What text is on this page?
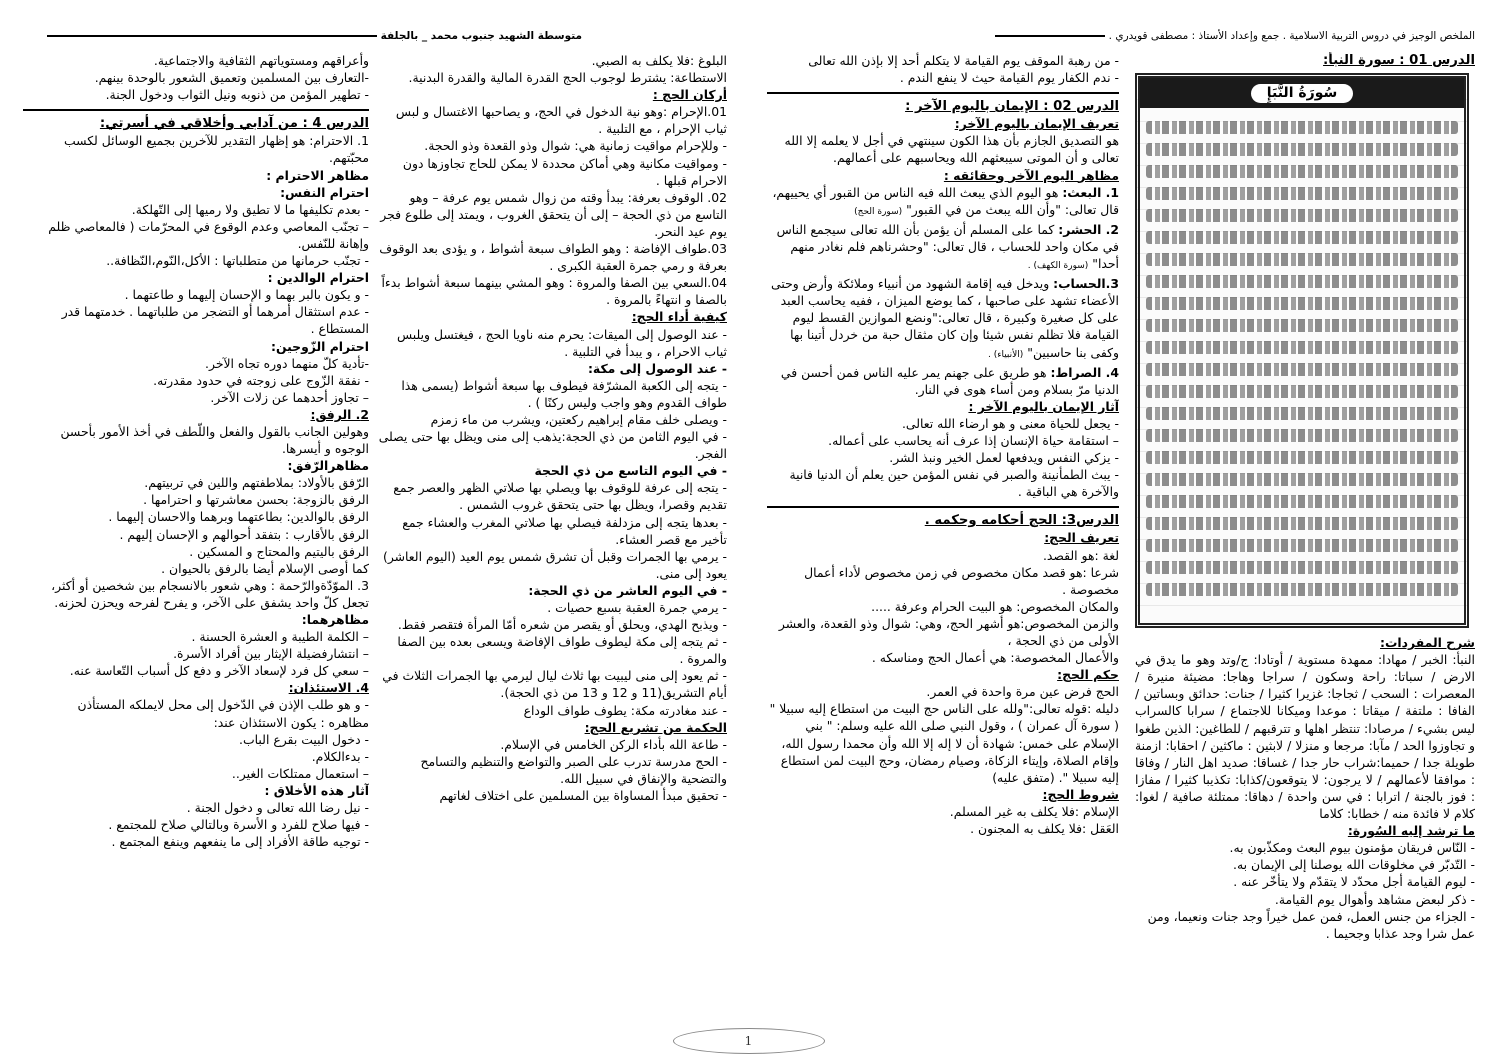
الملخص الوجيز في دروس التربية الاسلامية . جمع وإعداد الأستاذ : مصطفى قويدري .
متوسطة الشهيد جنبوب محمد _ بالجلفة

الدرس 01 : سورة النبأ:

سُورَةُ النَّبَإِ

شرح المفردات:

النبأ: الخبر / مهادا: ممهدة مستوية / أوتادا: ج/وتد وهو ما يدق في الارض / سباتا: راحة وسكون / سراجا وهاجا: مضيئة منيرة / المعصرات : السحب / ثجاجا: غزيرا كثيرا / جنات: حدائق وبساتين / الفافا : ملتفة / ميقاتا : موعدا وميكانا للاجتماع / سرابا كالسراب ليس بشيء / مرصادا: تنتظر اهلها و تترقبهم / للطاغين: الذين طغوا و تجاوزوا الحد / مآبا: مرجعا و منزلا / لابثين : ماكثين / احقابا: ازمنة طويلة جدا / حميما:شراب حار جدا / غساقا: صديد اهل النار / وفاقا : موافقا لأعمالهم / لا يرجون: لا يتوقعون/كذابا: تكذيبا كثيرا / مفازا : فوز بالجنة / اترابا : في سن واحدة / دهاقا: ممتلئة صافية / لغوا: كلام لا فائدة منه / خطابا: كلاما

ما ترشد إليه السُورة:

- النّاس فريقان مؤمنون بيوم البعث ومكذّبون به.

- التّدبّر في مخلوقات الله يوصلنا إلى الإيمان به.

- ليوم القيامة أجل محدّد لا يتقدّم ولا يتأخّر عنه .

- ذكر لبعض مشاهد وأهوال يوم القيامة.

- الجزاء من جنس العمل، فمن عمل خيراً وجد جنات ونعيما، ومن عمل شرا وجد عذابا وجحيما .

- من رهبة الموقف يوم القيامة لا يتكلم أحد إلا بإذن الله تعالى

- ندم الكفار يوم القيامة حيث لا ينفع الندم .

الدرس 02 : الإيمان باليوم الآخر :

تعريف الإيمان باليوم الآخر:

هو التصديق الجازم بأن هذا الكون سينتهي في أجل لا يعلمه إلا الله تعالى و أن الموتى سيبعثهم الله ويحاسبهم على أعمالهم.

مظاهر اليوم الآخر وحقائقه :

1. البعث: هو اليوم الذي يبعث الله فيه الناس من القبور أي يحييهم، قال تعالى: "وأن الله يبعث من في القبور" (سورة الحج)

2. الحشر: كما على المسلم أن يؤمن بأن الله تعالى سيجمع الناس في مكان واحد للحساب ، قال تعالى: "وحشرناهم فلم نغادر منهم أحدا" (سورة الكهف) .

3.الحساب: ويدخل فيه إقامة الشهود من أنبياء وملائكة وأرض وحتى الأعضاء تشهد على صاحبها ، كما يوضع الميزان ، ففيه يحاسب العبد على كل صغيرة وكبيرة ، قال تعالى:"ونضع الموازين القسط ليوم القيامة فلا تظلم نفس شيئا وإن كان مثقال حبة من خردل أتينا بها وكفى بنا حاسبين" (الأنبياء) .

4. الصراط: هو طريق على جهنم يمر عليه الناس فمن أحسن في الدنيا مرّ بسلام ومن أساء هوى في النار.

آثار الإيمان باليوم الآخر :

- يجعل للحياة معنى و هو ارضاء الله تعالى.

– استقامة حياة الإنسان إذا عرف أنه يحاسب على أعماله.

- يزكي النفس ويدفعها لعمل الخير ونبذ الشر.

- يبث الطمأنينة والصبر في نفس المؤمن حين يعلم أن الدنيا فانية والآخرة هي الباقية .

الدرس3: الحج أحكامه وحكمه .

تعريف الحج:

لغة :هو القصد.

شرعا :هو قصد مكان مخصوص في زمن مخصوص لأداء أعمال مخصوصة .

والمكان المخصوص: هو البيت الحرام وعرفة .....

والزمن المخصوص:هو أشهر الحج، وهي: شوال وذو القعدة، والعشر الأولى من ذي الحجة ،

والأعمال المخصوصة: هي أعمال الحج ومناسكه .

حكم الحج:

الحج فرض عين مرة واحدة في العمر.

دليله :قوله تعالى:"ولله على الناس حج البيت من استطاع إليه سبيلا " ( سورة آل عمران ) ، وقول النبي صلى الله عليه وسلم: " بني الإسلام على خمس: شهادة أن لا إله إلا الله وأن محمدا رسول الله، وإقام الصلاة، وإيتاء الزكاة، وصيام رمضان، وحج البيت لمن استطاع إليه سبيلا ". (متفق عليه)

شروط الحج:

الإسلام :فلا يكلف به غير المسلم.

العَقل :فلا يكلف به المجنون .

البلوغ :فلا يكلف به الصبي.

الاستطاعة: يشترط لوجوب الحج القدرة المالية والقدرة البدنية.

أركان الحج :

01.الإحرام :وهو نية الدخول في الحج، و يصاحبها الاغتسال و لبس ثياب الإحرام ، مع التلبية .

- وللإحرام مواقيت زمانية هي: شوال وذو القعدة وذو الحجة.

- ومواقيت مكانية وهي أماكن محددة لا يمكن للحاج تجاوزها دون الاحرام قبلها .

02. الوقوف بعرفة: يبدأ وقته من زوال شمس يوم عرفة – وهو التاسع من ذي الحجة – إلى أن يتحقق الغروب ، ويمتد إلى طلوع فجر يوم عيد النحر.

03.طواف الإفاضة : وهو الطواف سبعة أشواط ، و يؤدى بعد الوقوف بعرفة و رمي جمرة العقبة الكبرى .

04.السعي بين الصفا والمروة : وهو المشي بينهما سبعة أشواط بدءاً بالصفا و انتهاءً بالمروة .

كيفية أداء الحج:

- عند الوصول إلى الميقات: يحرم منه ناويا الحج ، فيغتسل ويلبس ثياب الاحرام ، و يبدأ في التلبية .

- عند الوصول إلى مكة:

- يتجه إلى الكعبة المشرّفة فيطوف بها سبعة أشواط (يسمى هذا طواف القدوم وهو واجب وليس ركنًا ) .

- ويصلى خلف مقام إبراهيم ركعتين، ويشرب من ماء زمزم

- في اليوم الثامن من ذي الحجة:يذهب إلى منى ويظل بها حتى يصلى الفجر.

- في اليوم التاسع من ذي الحجة

- يتجه إلى عرفة للوقوف بها ويصلي بها صلاتي الظهر والعصر جمع تقديم وقصرا، ويظل بها حتى يتحقق غروب الشمس .

- بعدها يتجه إلى مزدلفة فيصلي بها صلاتي المغرب والعشاء جمع تأخير مع قصر العشاء.

- يرمي بها الجمرات وقبل أن تشرق شمس يوم العيد (اليوم العاشر) يعود إلى منى.

- في اليوم العاشر من ذي الحجة:

- يرمي جمرة العقبة بسبع حصيات .

- ويذبح الهدي، ويحلق أو يقصر من شعره أمّا المرأة فتقصر فقط.

- ثم يتجه إلى مكة ليطوف طواف الإفاضة ويسعى بعده بين الصفا والمروة .

- ثم يعود إلى منى ليبيت بها ثلاث ليال ليرمي بها الجمرات الثلاث في أيام التشريق(11 و 12 و 13 من ذي الحجة).

- عند مغادرته مكة: يطوف طواف الوداع

الحكمة من تشريع الحج:

- طاعة الله بأداء الركن الخامس في الإسلام.

- الحج مدرسة تدرب على الصبر والتواضع والتنظيم والتسامح والتضحية والإنفاق في سبيل الله.

- تحقيق مبدأ المساواة بين المسلمين على اختلاف لغاتهم

وأعراقهم ومستوياتهم الثقافية والاجتماعية.

-التعارف بين المسلمين وتعميق الشعور بالوحدة بينهم.

- تطهير المؤمن من ذنوبه ونيل الثواب ودخول الجنة.

الدرس 4 : من آدابي وأخلاقي في أسرتي:

1. الاحترام: هو إظهار التقدير للآخرين بجميع الوسائل لكسب محبّتهم.

مظاهر الاحترام :

احترام النفس:

- بعدم تكليفها ما لا تطيق ولا رميها إلى التّهلكة.

– تجنّب المعاصي وعدم الوقوع في المحرّمات ( فالمعاصي ظلم وإهانة للنّفس.

- تجنّب حرمانها من متطلباتها : الأكل،النّوم،النّظافة..

احترام الوالدين :

- و يكون بالبر بهما و الإحسان إليهما و طاعتهما .

- عدم استثقال أمرهما أو التضجر من طلباتهما . خدمتهما قدر المستطاع .

احترام الزّوجين:

-تأدية كلّ منهما دوره تجاه الآخر.

- نفقة الزّوج على زوجته في حدود مقدرته.

– تجاوز أحدهما عن زلات الآخر.

2. الرفق:

وهولين الجانب بالقول والفعل واللّطف في أخذ الأمور بأحسن الوجوه و أيسرها.

مظاهرالرّفق:

الرّفق بالأولاد: بملاطفتهم واللين في تربيتهم.

الرفق بالزوجة: بحسن معاشرتها و احترامها .

الرفق بالوالدين: بطاعتهما وبرهما والاحسان إليهما .

الرفق بالأقارب : بتفقد أحوالهم و الإحسان إليهم .

الرفق باليتيم والمحتاج و المسكين .

كما أوصى الإسلام أيضا بالرفق بالحيوان .

3. الموّدّةوالرّحمة : وهي شعور بالانسجام بين شخصين أو أكثر، تجعل كلّ واحد يشفق على الآخر، و يفرح لفرحه ويحزن لحزنه.

مظاهرهما:

– الكلمة الطيبة و العشرة الحسنة .

– انتشارفضيلة الإيثار بين أفراد الأسرة.

– سعي كل فرد لإسعاد الآخر و دفع كل أسباب التّعاسة عنه.

4. الاستئذان:

- و هو طلب الإذن في الدّخول إلى محل لايملكه المستأذن

مظاهره : يكون الاستئذان عند:

- دخول البيت بقرع الباب.

- بدءالكلام.

– استعمال ممتلكات الغير..

آثار هذه الأخلاق :

- نيل رضا الله تعالى و دخول الجنة .

- فيها صلاح للفرد و الأسرة وبالتالي صلاح للمجتمع .

- توجيه طاقة الأفراد إلى ما ينفعهم وينفع المجتمع .

1
